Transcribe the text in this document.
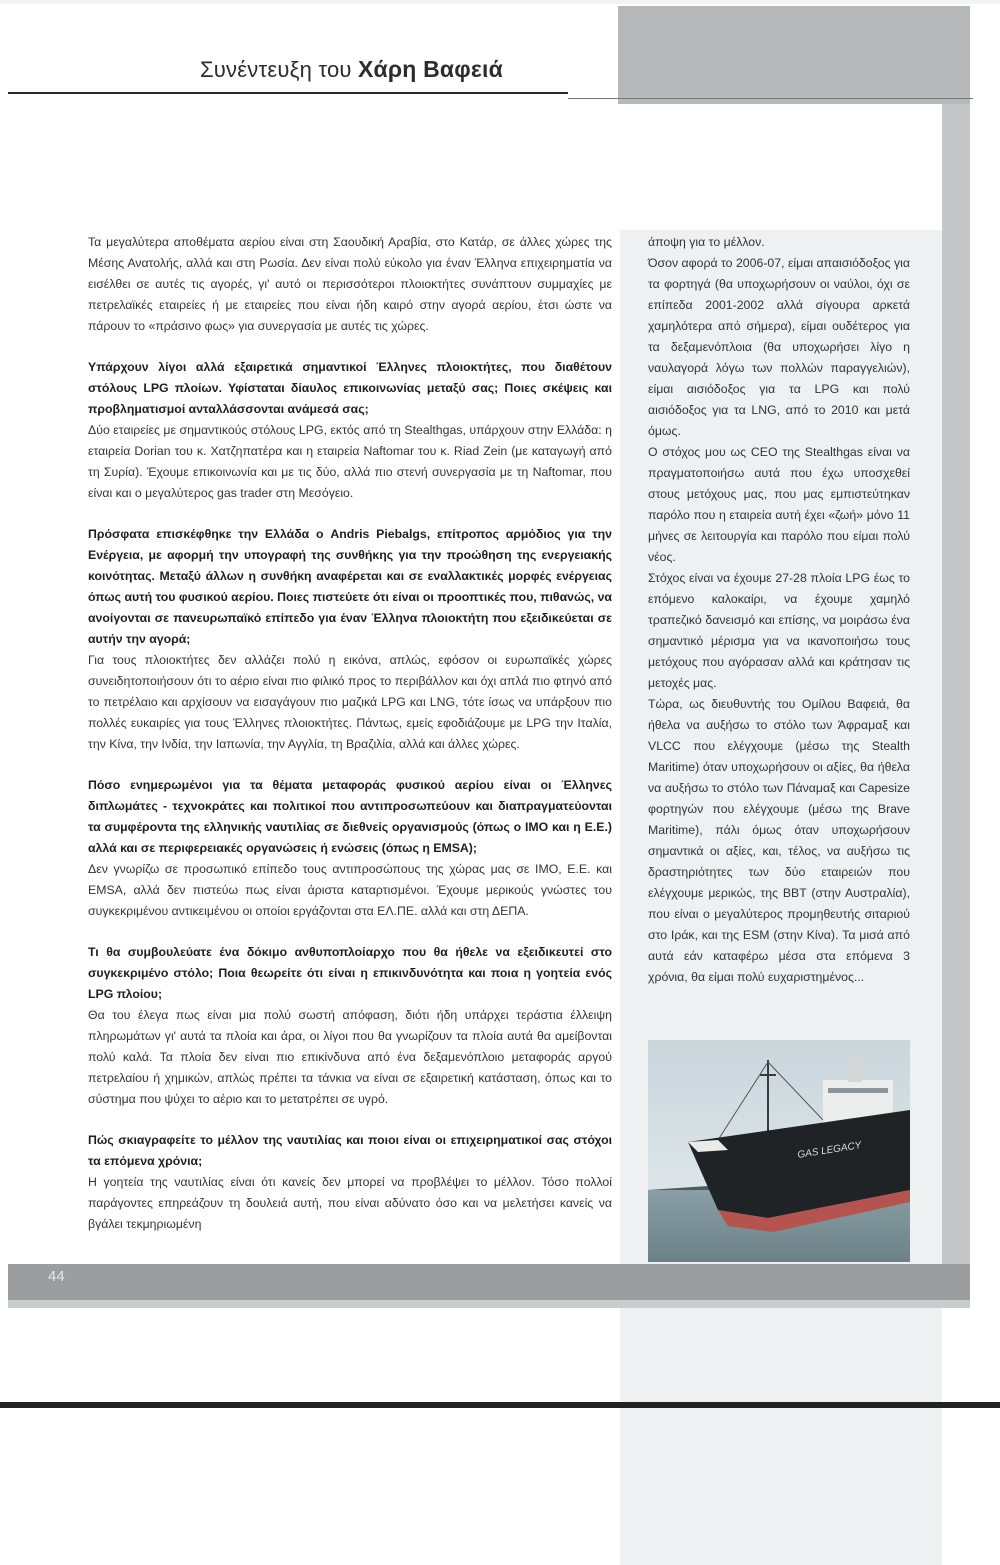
Συνέντευξη του Χάρη Βαφειά

Τα μεγαλύτερα αποθέματα αερίου είναι στη Σαουδική Αραβία, στο Κατάρ, σε άλλες χώρες της Μέσης Ανατολής, αλλά και στη Ρωσία. Δεν είναι πολύ εύκολο για έναν Έλληνα επιχειρηματία να εισέλθει σε αυτές τις αγορές, γι' αυτό οι περισσότεροι πλοιοκτήτες συνάπτουν συμμαχίες με πετρελαϊκές εταιρείες ή με εταιρείες που είναι ήδη καιρό στην αγορά αερίου, έτσι ώστε να πάρουν το «πράσινο φως» για συνεργασία με αυτές τις χώρες.

Υπάρχουν λίγοι αλλά εξαιρετικά σημαντικοί Έλληνες πλοιοκτήτες, που διαθέτουν στόλους LPG πλοίων. Υφίσταται δίαυλος επικοινωνίας μεταξύ σας; Ποιες σκέψεις και προβληματισμοί ανταλλάσσονται ανάμεσά σας;

Δύο εταιρείες με σημαντικούς στόλους LPG, εκτός από τη Stealthgas, υπάρχουν στην Ελλάδα: η εταιρεία Dorian του κ. Χατζηπατέρα και η εταιρεία Naftomar του κ. Riad Zein (με καταγωγή από τη Συρία). Έχουμε επικοινωνία και με τις δύο, αλλά πιο στενή συνεργασία με τη Naftomar, που είναι και ο μεγαλύτερος gas trader στη Μεσόγειο.

Πρόσφατα επισκέφθηκε την Ελλάδα ο Andris Piebalgs, επίτροπος αρμόδιος για την Ενέργεια, με αφορμή την υπογραφή της συνθήκης για την προώθηση της ενεργειακής κοινότητας. Μεταξύ άλλων η συνθήκη αναφέρεται και σε εναλλακτικές μορφές ενέργειας όπως αυτή του φυσικού αερίου. Ποιες πιστεύετε ότι είναι οι προοπτικές που, πιθανώς, να ανοίγονται σε πανευρωπαϊκό επίπεδο για έναν Έλληνα πλοιοκτήτη που εξειδικεύεται σε αυτήν την αγορά;

Για τους πλοιοκτήτες δεν αλλάζει πολύ η εικόνα, απλώς, εφόσον οι ευρωπαϊκές χώρες συνειδητοποιήσουν ότι το αέριο είναι πιο φιλικό προς το περιβάλλον και όχι απλά πιο φτηνό από το πετρέλαιο και αρχίσουν να εισαγάγουν πιο μαζικά LPG και LNG, τότε ίσως να υπάρξουν πιο πολλές ευκαιρίες για τους Έλληνες πλοιοκτήτες. Πάντως, εμείς εφοδιάζουμε με LPG την Ιταλία, την Κίνα, την Ινδία, την Ιαπωνία, την Αγγλία, τη Βραζιλία, αλλά και άλλες χώρες.

Πόσο ενημερωμένοι για τα θέματα μεταφοράς φυσικού αερίου είναι οι Έλληνες διπλωμάτες - τεχνοκράτες και πολιτικοί που αντιπροσωπεύουν και διαπραγματεύονται τα συμφέροντα της ελληνικής ναυτιλίας σε διεθνείς οργανισμούς (όπως ο ΙΜΟ και η Ε.Ε.) αλλά και σε περιφερειακές οργανώσεις ή ενώσεις (όπως η EMSA);

Δεν γνωρίζω σε προσωπικό επίπεδο τους αντιπροσώπους της χώρας μας σε IMO, E.E. και EMSA, αλλά δεν πιστεύω πως είναι άριστα καταρτισμένοι. Έχουμε μερικούς γνώστες του συγκεκριμένου αντικειμένου οι οποίοι εργάζονται στα ΕΛ.ΠΕ. αλλά και στη ΔΕΠΑ.

Τι θα συμβουλεύατε ένα δόκιμο ανθυποπλοίαρχο που θα ήθελε να εξειδικευτεί στο συγκεκριμένο στόλο; Ποια θεωρείτε ότι είναι η επικινδυνότητα και ποια η γοητεία ενός LPG πλοίου;

Θα του έλεγα πως είναι μια πολύ σωστή απόφαση, διότι ήδη υπάρχει τεράστια έλλειψη πληρωμάτων γι' αυτά τα πλοία και άρα, οι λίγοι που θα γνωρίζουν τα πλοία αυτά θα αμείβονται πολύ καλά. Τα πλοία δεν είναι πιο επικίνδυνα από ένα δεξαμενόπλοιο μεταφοράς αργού πετρελαίου ή χημικών, απλώς πρέπει τα τάνκια να είναι σε εξαιρετική κατάσταση, όπως και το σύστημα που ψύχει το αέριο και το μετατρέπει σε υγρό.

Πώς σκιαγραφείτε το μέλλον της ναυτιλίας και ποιοι είναι οι επιχειρηματικοί σας στόχοι τα επόμενα χρόνια;

Η γοητεία της ναυτιλίας είναι ότι κανείς δεν μπορεί να προβλέψει το μέλλον. Τόσο πολλοί παράγοντες επηρεάζουν τη δουλειά αυτή, που είναι αδύνατο όσο και να μελετήσει κανείς να βγάλει τεκμηριωμένη

άποψη για το μέλλον.

Όσον αφορά το 2006-07, είμαι απαισιόδοξος για τα φορτηγά (θα υποχωρήσουν οι ναύλοι, όχι σε επίπεδα 2001-2002 αλλά σίγουρα αρκετά χαμηλότερα από σήμερα), είμαι ουδέτερος για τα δεξαμενόπλοια (θα υποχωρήσει λίγο η ναυλαγορά λόγω των πολλών παραγγελιών), είμαι αισιόδοξος για τα LPG και πολύ αισιόδοξος για τα LNG, από το 2010 και μετά όμως.

Ο στόχος μου ως CEO της Stealthgas είναι να πραγματοποιήσω αυτά που έχω υποσχεθεί στους μετόχους μας, που μας εμπιστεύτηκαν παρόλο που η εταιρεία αυτή έχει «ζωή» μόνο 11 μήνες σε λειτουργία και παρόλο που είμαι πολύ νέος.

Στόχος είναι να έχουμε 27-28 πλοία LPG έως το επόμενο καλοκαίρι, να έχουμε χαμηλό τραπεζικό δανεισμό και επίσης, να μοιράσω ένα σημαντικό μέρισμα για να ικανοποιήσω τους μετόχους που αγόρασαν αλλά και κράτησαν τις μετοχές μας.

Τώρα, ως διευθυντής του Ομίλου Βαφειά, θα ήθελα να αυξήσω το στόλο των Άφραμαξ και VLCC που ελέγχουμε (μέσω της Stealth Maritime) όταν υποχωρήσουν οι αξίες, θα ήθελα να αυξήσω το στόλο των Πάναμαξ και Capesize φορτηγών που ελέγχουμε (μέσω της Brave Maritime), πάλι όμως όταν υποχωρήσουν σημαντικά οι αξίες, και, τέλος, να αυξήσω τις δραστηριότητες των δύο εταιρειών που ελέγχουμε μερικώς, της BBT (στην Αυστραλία), που είναι ο μεγαλύτερος προμηθευτής σιταριού στο Ιράκ, και της ESM (στην Κίνα). Τα μισά από αυτά εάν καταφέρω μέσα στα επόμενα 3 χρόνια, θα είμαι πολύ ευχαριστημένος...

GAS LEGACY
44
